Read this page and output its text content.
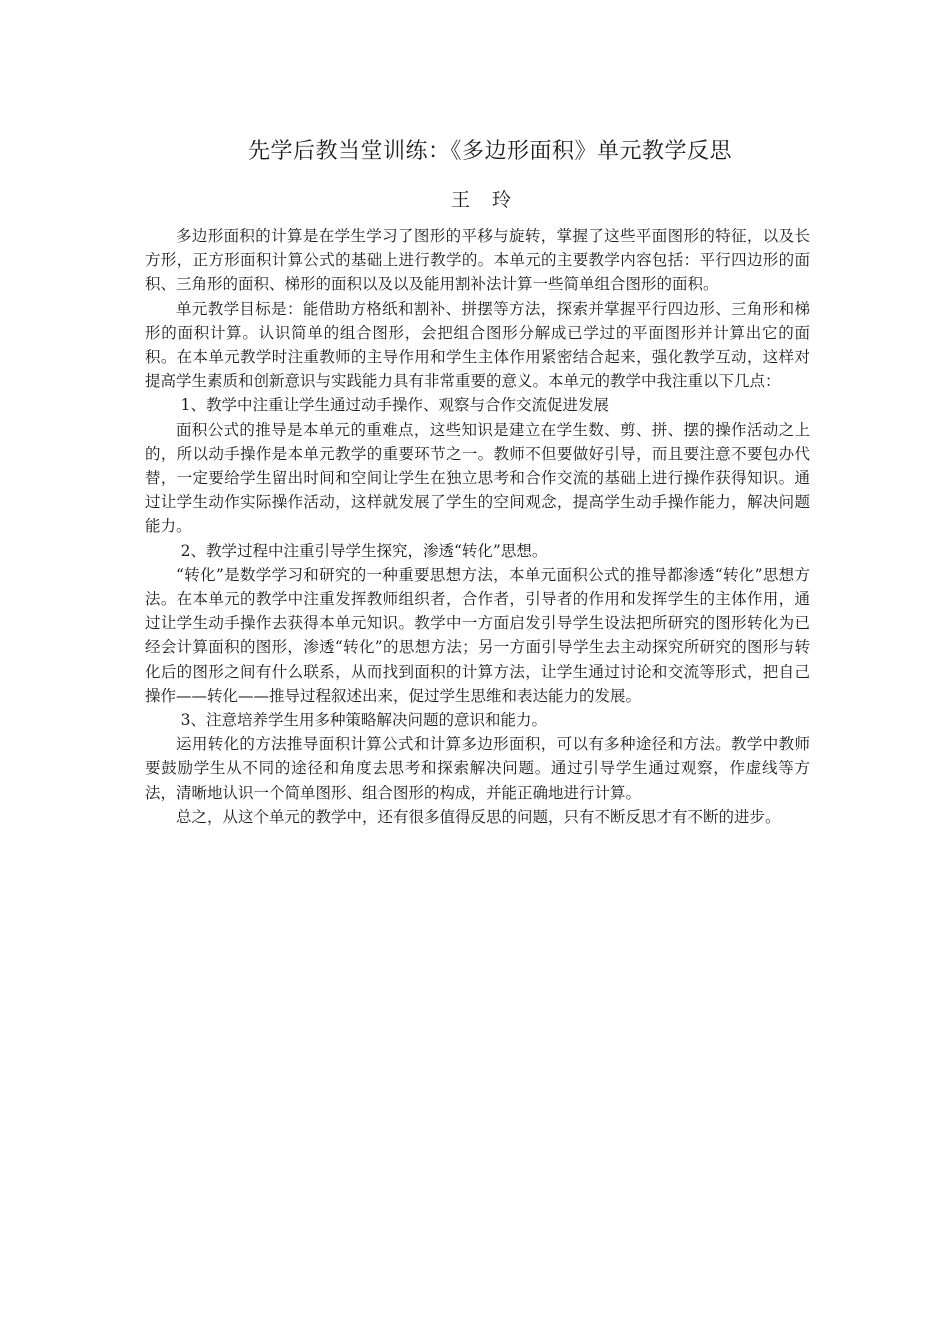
先学后教当堂训练：《多边形面积》单元教学反思
王 玲

多边形面积的计算是在学生学习了图形的平移与旋转，掌握了这些平面图形的特征，以及长方形，正方形面积计算公式的基础上进行教学的。本单元的主要教学内容包括：平行四边形的面积、三角形的面积、梯形的面积以及以及能用割补法计算一些简单组合图形的面积。

单元教学目标是：能借助方格纸和割补、拼摆等方法，探索并掌握平行四边形、三角形和梯形的面积计算。认识简单的组合图形，会把组合图形分解成已学过的平面图形并计算出它的面积。在本单元教学时注重教师的主导作用和学生主体作用紧密结合起来，强化教学互动，这样对提高学生素质和创新意识与实践能力具有非常重要的意义。本单元的教学中我注重以下几点：

1、教学中注重让学生通过动手操作、观察与合作交流促进发展

面积公式的推导是本单元的重难点，这些知识是建立在学生数、剪、拼、摆的操作活动之上的，所以动手操作是本单元教学的重要环节之一。教师不但要做好引导，而且要注意不要包办代替，一定要给学生留出时间和空间让学生在独立思考和合作交流的基础上进行操作获得知识。通过让学生动作实际操作活动，这样就发展了学生的空间观念，提高学生动手操作能力，解决问题能力。

2、教学过程中注重引导学生探究，渗透“转化”思想。

“转化”是数学学习和研究的一种重要思想方法，本单元面积公式的推导都渗透“转化”思想方法。在本单元的教学中注重发挥教师组织者，合作者，引导者的作用和发挥学生的主体作用，通过让学生动手操作去获得本单元知识。教学中一方面启发引导学生设法把所研究的图形转化为已经会计算面积的图形，渗透“转化”的思想方法；另一方面引导学生去主动探究所研究的图形与转化后的图形之间有什么联系，从而找到面积的计算方法，让学生通过讨论和交流等形式，把自己操作——转化——推导过程叙述出来，促过学生思维和表达能力的发展。

3、注意培养学生用多种策略解决问题的意识和能力。

运用转化的方法推导面积计算公式和计算多边形面积，可以有多种途径和方法。教学中教师要鼓励学生从不同的途径和角度去思考和探索解决问题。通过引导学生通过观察，作虚线等方法，清晰地认识一个简单图形、组合图形的构成，并能正确地进行计算。

总之，从这个单元的教学中，还有很多值得反思的问题，只有不断反思才有不断的进步。
